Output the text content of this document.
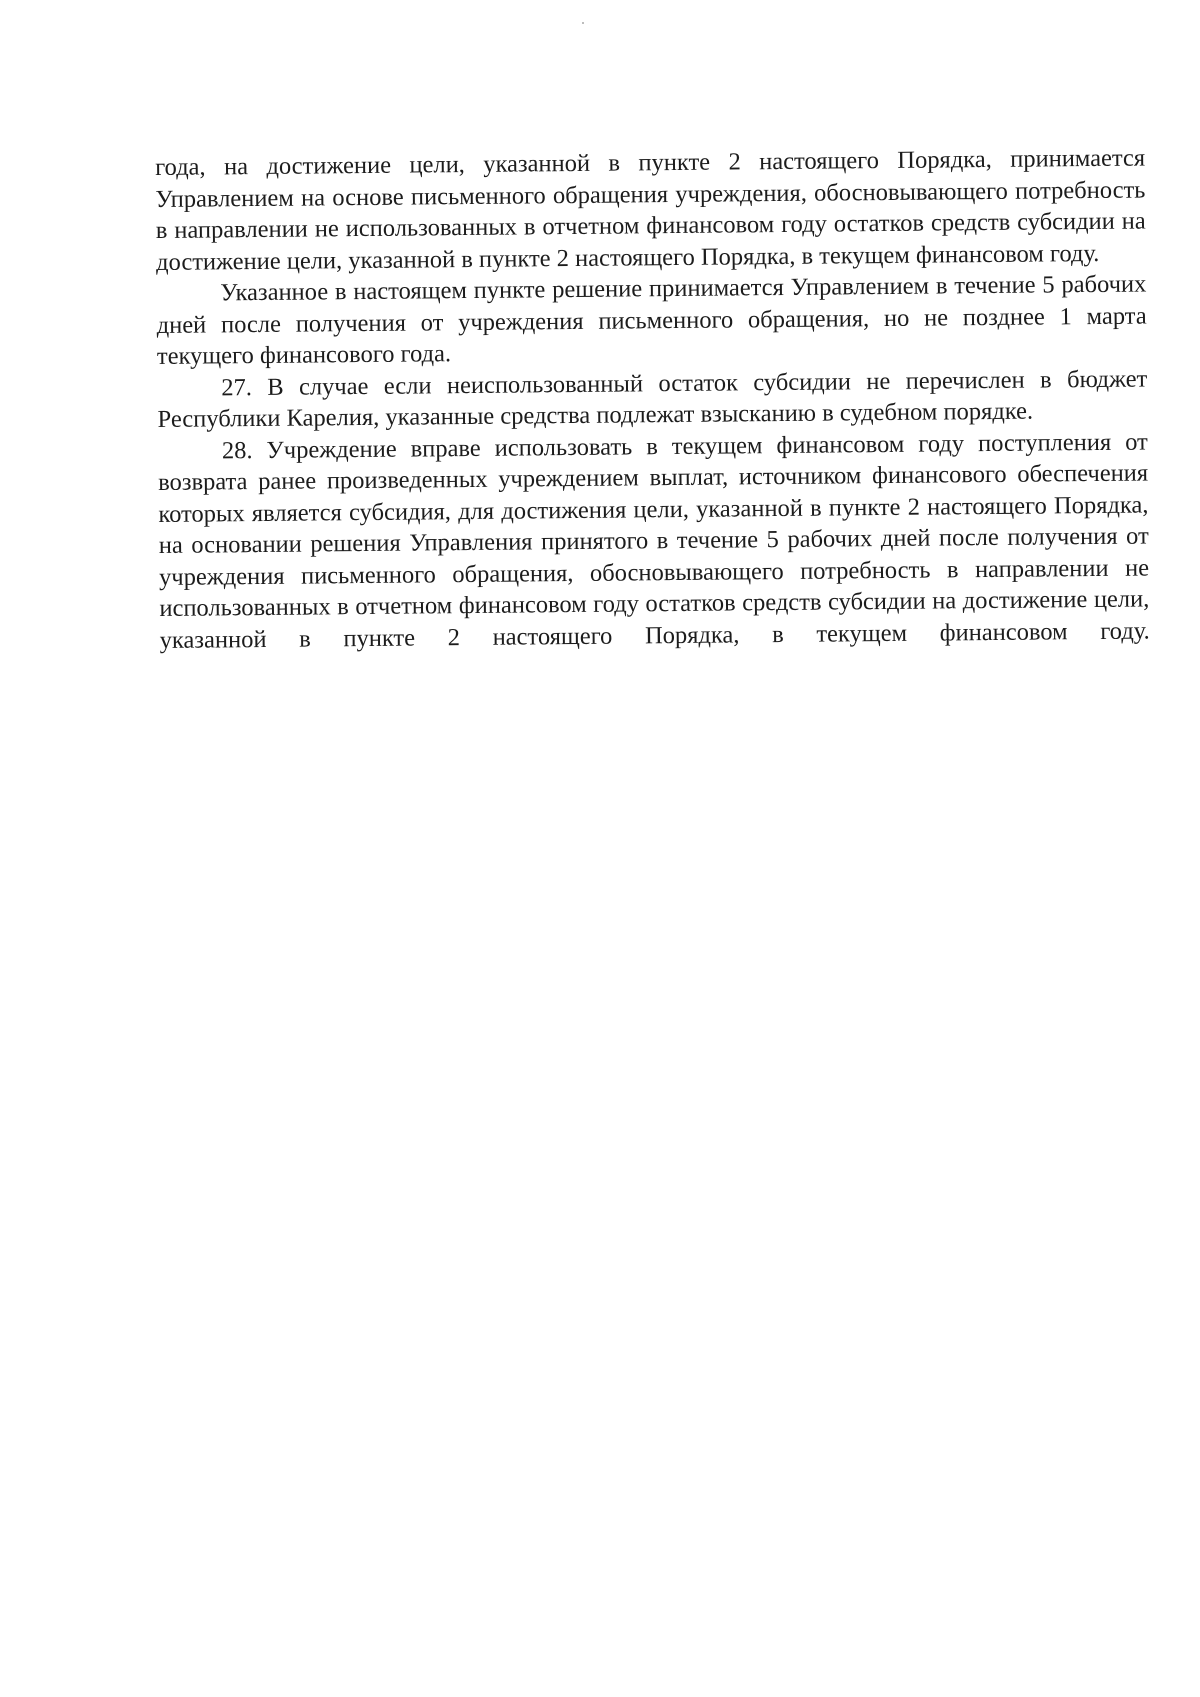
года, на достижение цели, указанной в пункте 2 настоящего Порядка, принимается Управлением на основе письменного обращения учреждения, обосновывающего потребность в направлении не использованных в отчетном финансовом году остатков средств субсидии на достижение цели, указанной в пункте 2 настоящего Порядка, в текущем финансовом году.

Указанное в настоящем пункте решение принимается Управлением в течение 5 рабочих дней после получения от учреждения письменного обращения, но не позднее 1 марта текущего финансового года.

27. В случае если неиспользованный остаток субсидии не перечислен в бюджет Республики Карелия, указанные средства подлежат взысканию в судебном порядке.

28. Учреждение вправе использовать в текущем финансовом году поступления от возврата ранее произведенных учреждением выплат, источником финансового обеспечения которых является субсидия, для достижения цели, указанной в пункте 2 настоящего Порядка, на основании решения Управления принятого в течение 5 рабочих дней после получения от учреждения письменного обращения, обосновывающего потребность в направлении не использованных в отчетном финансовом году остатков средств субсидии на достижение цели, указанной в пункте 2 настоящего Порядка, в текущем финансовом году.
